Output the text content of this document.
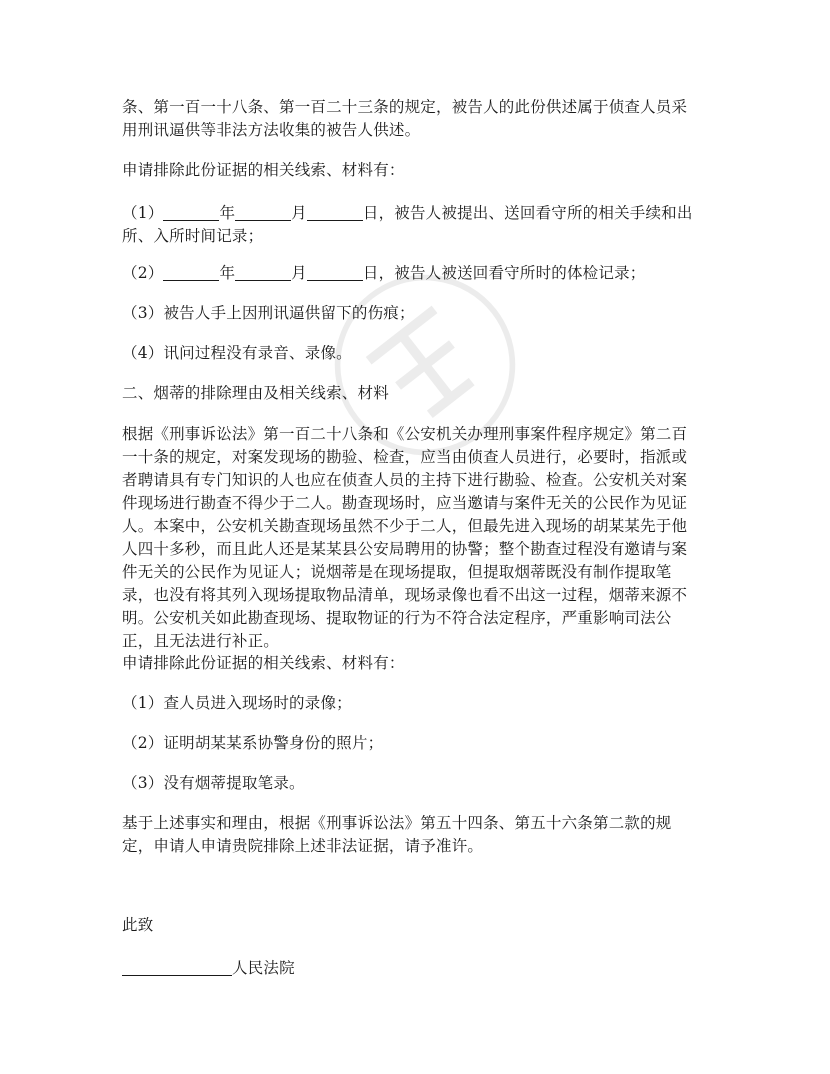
条、第一百一十八条、第一百二十三条的规定，被告人的此份供述属于侦查人员采
用刑讯逼供等非法方法收集的被告人供述。

申请排除此份证据的相关线索、材料有：

（1）	年	月	日，被告人被提出、送回看守所的相关手续和出
所、入所时间记录；

（2）	年	月	日，被告人被送回看守所时的体检记录；

（3）被告人手上因刑讯逼供留下的伤痕；

（4）讯问过程没有录音、录像。

二、烟蒂的排除理由及相关线索、材料

根据《刑事诉讼法》第一百二十八条和《公安机关办理刑事案件程序规定》第二百
一十条的规定，对案发现场的勘验、检查，应当由侦查人员进行，必要时，指派或
者聘请具有专门知识的人也应在侦查人员的主持下进行勘验、检查。公安机关对案
件现场进行勘查不得少于二人。勘查现场时，应当邀请与案件无关的公民作为见证
人。本案中，公安机关勘查现场虽然不少于二人，但最先进入现场的胡某某先于他
人四十多秒，而且此人还是某某县公安局聘用的协警；整个勘查过程没有邀请与案
件无关的公民作为见证人；说烟蒂是在现场提取，但提取烟蒂既没有制作提取笔
录，也没有将其列入现场提取物品清单，现场录像也看不出这一过程，烟蒂来源不
明。公安机关如此勘查现场、提取物证的行为不符合法定程序，严重影响司法公
正，且无法进行补正。

申请排除此份证据的相关线索、材料有：

（1）查人员进入现场时的录像；

（2）证明胡某某系协警身份的照片；

（3）没有烟蒂提取笔录。

基于上述事实和理由，根据《刑事诉讼法》第五十四条、第五十六条第二款的规
定，申请人申请贵院排除上述非法证据，请予准许。

此致

人民法院
